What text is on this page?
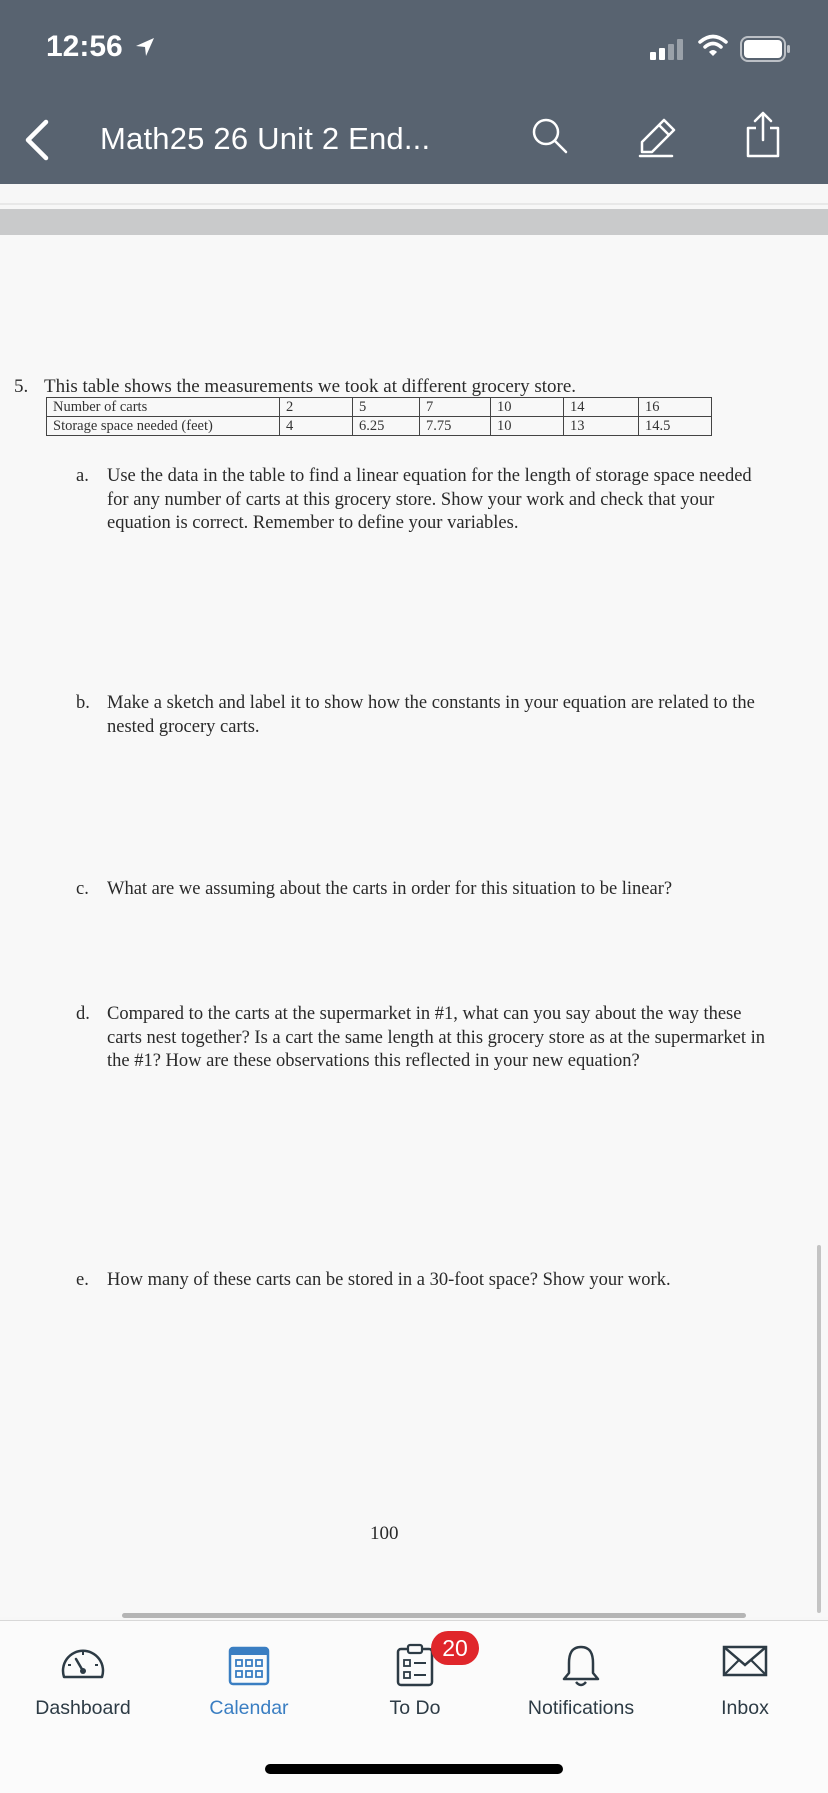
12:56
Math25 26 Unit 2 End...
5. This table shows the measurements we took at different grocery store.
Number of carts	2	5	7	10	14	16
Storage space needed (feet)	4	6.25	7.75	10	13	14.5
a. Use the data in the table to find a linear equation for the length of storage space needed for any number of carts at this grocery store. Show your work and check that your equation is correct. Remember to define your variables.
b. Make a sketch and label it to show how the constants in your equation are related to the nested grocery carts.
c. What are we assuming about the carts in order for this situation to be linear?
d. Compared to the carts at the supermarket in #1, what can you say about the way these carts nest together? Is a cart the same length at this grocery store as at the supermarket in the #1? How are these observations this reflected in your new equation?
e. How many of these carts can be stored in a 30-foot space? Show your work.
100
Dashboard	Calendar
20
To Do	Notifications	Inbox
